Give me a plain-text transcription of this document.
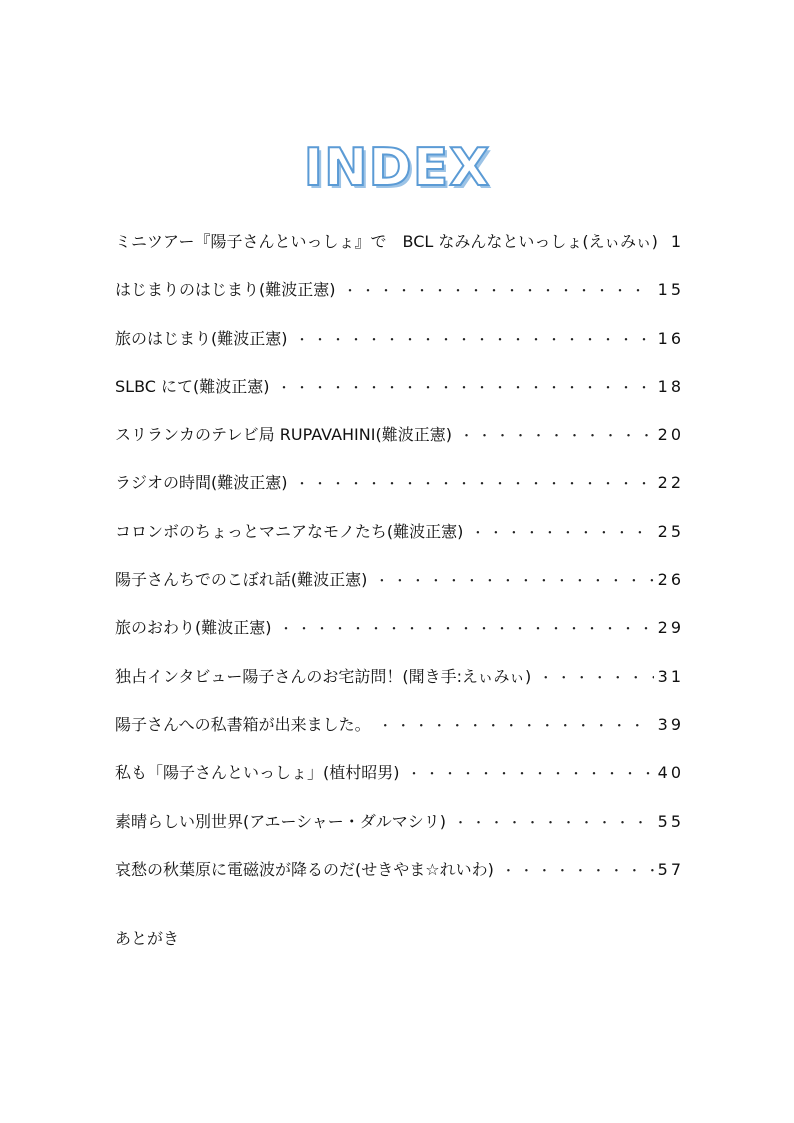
INDEX
ミニツアー『陽子さんといっしょ』で　BCL なみんなといっしょ(えぃみぃ) ・・・・・・・・・・・・・・・・・・・・・・・・・・・・・・・・・・・・・・・・・・・・・・・・・・・・・・ 1
はじまりのはじまり(難波正憲) ・・・・・・・・・・・・・・・・・・・・・・・・・・・・・・・・・・・・・・・・・・・・・・・・・・・・・・	15
旅のはじまり(難波正憲) ・・・・・・・・・・・・・・・・・・・・・・・・・・・・・・・・・・・・・・・・・・・・・・・・・・・・・・	16
SLBC にて(難波正憲) ・・・・・・・・・・・・・・・・・・・・・・・・・・・・・・・・・・・・・・・・・・・・・・・・・・・・・・	18
スリランカのテレビ局 RUPAVAHINI(難波正憲) ・・・・・・・・・・・・・・・・・・・・・・・・・・・・・・・・・・・・・・・・・・・・・・・・・・・・・・	20
ラジオの時間(難波正憲) ・・・・・・・・・・・・・・・・・・・・・・・・・・・・・・・・・・・・・・・・・・・・・・・・・・・・・・	22
コロンボのちょっとマニアなモノたち(難波正憲) ・・・・・・・・・・・・・・・・・・・・・・・・・・・・・・・・・・・・・・・・・・・・・・・・・・・・・・	25
陽子さんちでのこぼれ話(難波正憲) ・・・・・・・・・・・・・・・・・・・・・・・・・・・・・・・・・・・・・・・・・・・・・・・・・・・・・・	26
旅のおわり(難波正憲) ・・・・・・・・・・・・・・・・・・・・・・・・・・・・・・・・・・・・・・・・・・・・・・・・・・・・・・	29
独占インタビュー陽子さんのお宅訪問！(聞き手:えぃみぃ) ・・・・・・・・・・・・・・・・・・・・・・・・・・・・・・・・・・・・・・・・・・・・・・・・・・・・・・	31
陽子さんへの私書箱が出来ました。 ・・・・・・・・・・・・・・・・・・・・・・・・・・・・・・・・・・・・・・・・・・・・・・・・・・・・・・	39
私も「陽子さんといっしょ」(植村昭男) ・・・・・・・・・・・・・・・・・・・・・・・・・・・・・・・・・・・・・・・・・・・・・・・・・・・・・・	40
素晴らしい別世界(アエーシャー・ダルマシリ) ・・・・・・・・・・・・・・・・・・・・・・・・・・・・・・・・・・・・・・・・・・・・・・・・・・・・・・	55
哀愁の秋葉原に電磁波が降るのだ(せきやま☆れいわ) ・・・・・・・・・・・・・・・・・・・・・・・・・・・・・・・・・・・・・・・・・・・・・・・・・・・・・・	57
あとがき
